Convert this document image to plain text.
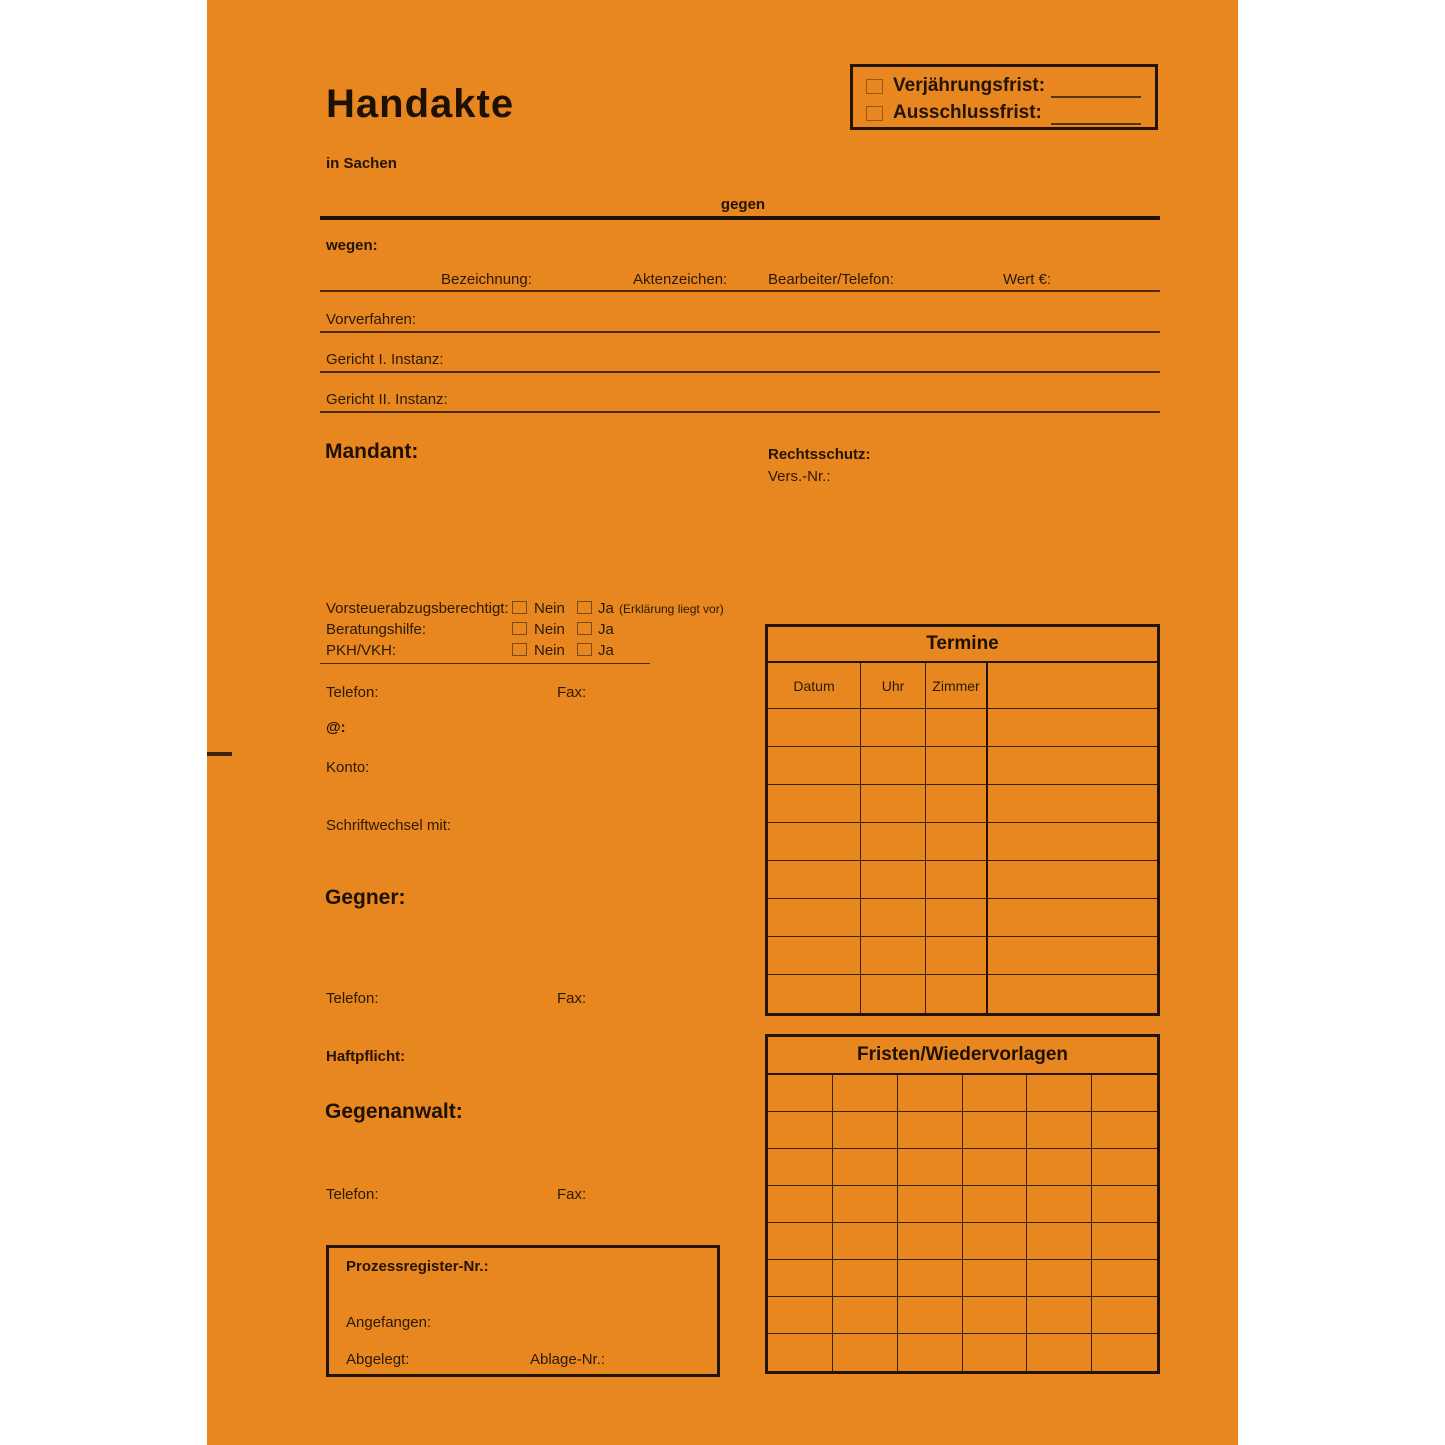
Handakte	Verjährungsfrist:
Ausschlussfrist:
in Sachen
gegen
wegen:
Bezeichnung:	Aktenzeichen:	Bearbeiter/Telefon:	Wert €:
Vorverfahren:
Gericht I. Instanz:
Gericht II. Instanz:
Mandant:	Rechtsschutz:
Vers.-Nr.:
Vorsteuerabzugsberechtigt: Nein Ja (Erklärung liegt vor)
Beratungshilfe:	Nein Ja
PKH/VKH:	Nein Ja
Telefon:	Fax:
@:
Konto:
Schriftwechsel mit:
Gegner:
Telefon:	Fax:
Haftpflicht:
Gegenanwalt:
Telefon:	Fax:
Prozessregister-Nr.:
Angefangen:
Abgelegt:	Ablage-Nr.:
Termine
Datum	Uhr	Zimmer
Fristen/Wiedervorlagen
